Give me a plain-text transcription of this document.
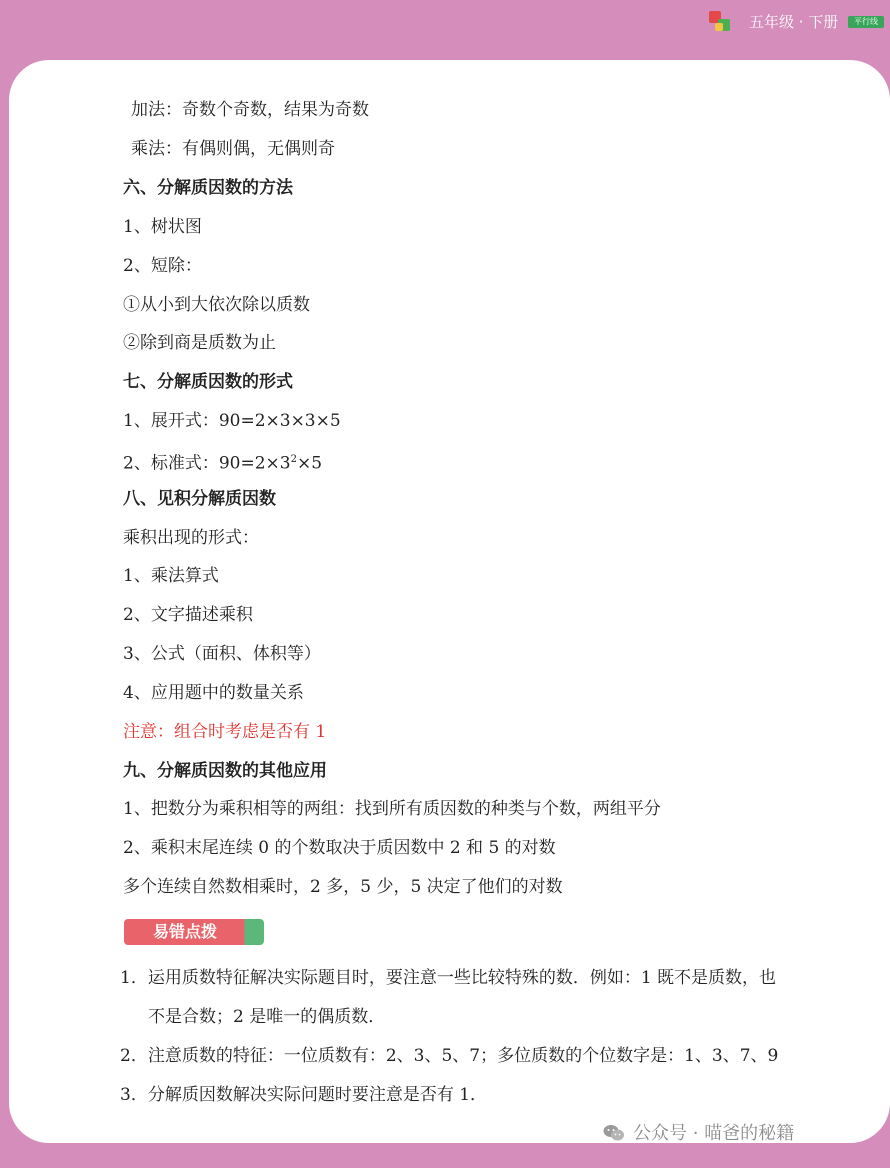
五年级 · 下册	平行线
加法：奇数个奇数，结果为奇数
乘法：有偶则偶，无偶则奇
六、分解质因数的方法
1、树状图
2、短除：
①从小到大依次除以质数
②除到商是质数为止
七、分解质因数的形式
1、展开式：90=2×3×3×5
2、标准式：$90=2\times 3^2\times 5$
八、见积分解质因数
乘积出现的形式：
1、乘法算式
2、文字描述乘积
3、公式（面积、体积等）
4、应用题中的数量关系
注意：组合时考虑是否有 1
九、分解质因数的其他应用
1、把数分为乘积相等的两组：找到所有质因数的种类与个数，两组平分
2、乘积末尾连续 0 的个数取决于质因数中 2 和 5 的对数
多个连续自然数相乘时，2 多，5 少，5 决定了他们的对数
易错点拨
1．运用质数特征解决实际题目时，要注意一些比较特殊的数．例如：1 既不是质数，也
不是合数；2 是唯一的偶质数．
2．注意质数的特征：一位质数有：2、3、5、7；多位质数的个位数字是：1、3、7、9
3．分解质因数解决实际问题时要注意是否有 1．
公众号 · 喵爸的秘籍
